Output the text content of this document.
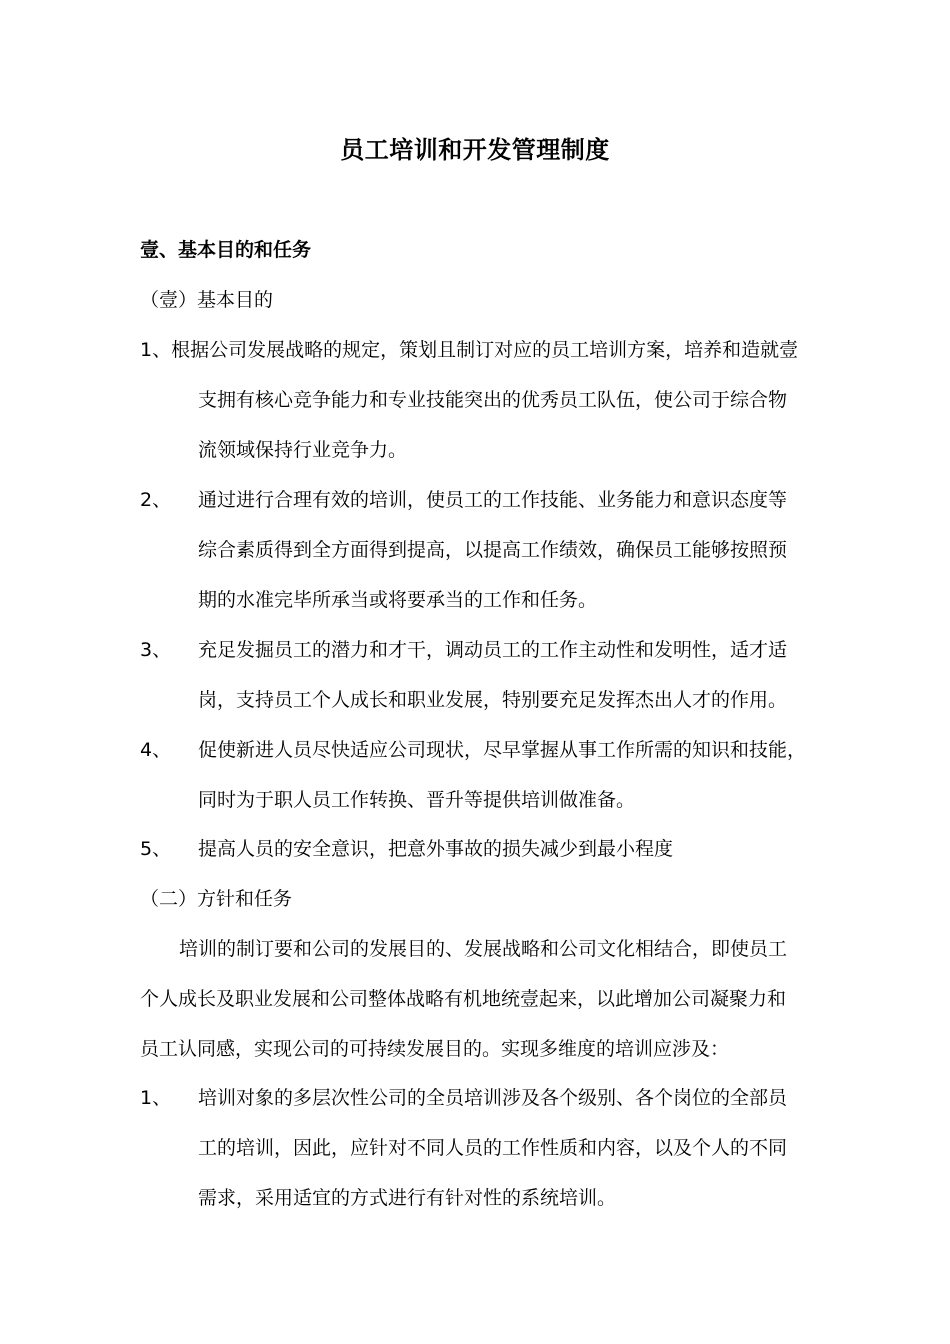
员工培训和开发管理制度
壹、基本目的和任务
（壹）基本目的
1、根据公司发展战略的规定，策划且制订对应的员工培训方案，培养和造就壹
支拥有核心竞争能力和专业技能突出的优秀员工队伍，使公司于综合物
流领域保持行业竞争力。
2、 通过进行合理有效的培训，使员工的工作技能、业务能力和意识态度等
综合素质得到全方面得到提高，以提高工作绩效，确保员工能够按照预
期的水准完毕所承当或将要承当的工作和任务。
3、 充足发掘员工的潜力和才干，调动员工的工作主动性和发明性，适才适
岗，支持员工个人成长和职业发展，特别要充足发挥杰出人才的作用。
4、 促使新进人员尽快适应公司现状，尽早掌握从事工作所需的知识和技能，
同时为于职人员工作转换、晋升等提供培训做准备。
5、 提高人员的安全意识，把意外事故的损失减少到最小程度
（二）方针和任务
培训的制订要和公司的发展目的、发展战略和公司文化相结合，即使员工
个人成长及职业发展和公司整体战略有机地统壹起来，以此增加公司凝聚力和
员工认同感，实现公司的可持续发展目的。实现多维度的培训应涉及：
1、 培训对象的多层次性公司的全员培训涉及各个级别、各个岗位的全部员
工的培训，因此，应针对不同人员的工作性质和内容，以及个人的不同
需求，采用适宜的方式进行有针对性的系统培训。
